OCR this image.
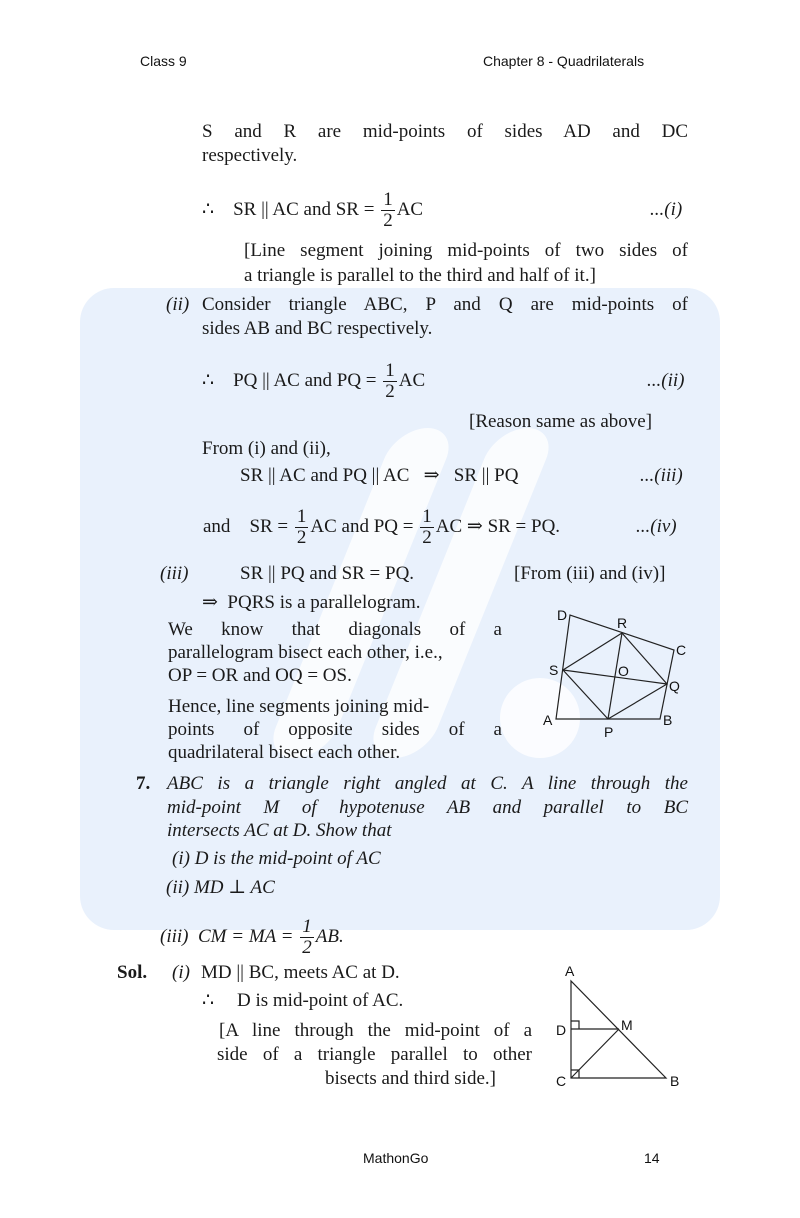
Class 9	Chapter 8 - Quadrilaterals
S and R are mid-points of sides AD and DC
respectively.
∴ SR || AC and SR = $\frac{1}{2}$ AC	...(i)
[Line segment joining mid-points of two sides of
a triangle is parallel to the third and half of it.]
(ii) Consider triangle ABC, P and Q are mid-points of
sides AB and BC respectively.
∴ PQ || AC and PQ = $\frac{1}{2}$ AC	...(ii)
[Reason same as above]
From (i) and (ii),
SR || AC and PQ || AC   ⇒   SR || PQ	...(iii)
and SR = $\frac{1}{2}$ AC and PQ = $\frac{1}{2}$ AC ⇒ SR = PQ.	...(iv)
(iii)	SR || PQ and SR = PQ.	[From (iii) and (iv)]
⇒  PQRS is a parallelogram.
We know that diagonals of a
parallelogram bisect each other, i.e.,
OP = OR and OQ = OS.
Hence, line segments joining mid-
points of opposite sides of a
quadrilateral bisect each other.
D	R
C
S	O
Q
A
P
B
7. ABC is a triangle right angled at C. A line through the
mid-point M of hypotenuse AB and parallel to BC
intersects AC at D. Show that
(i) D is the mid-point of AC
(ii) MD ⊥ AC
(iii) CM = MA = $\frac{1}{2}$ AB.
Sol. (i) MD || BC, meets AC at D.
∴ D is mid-point of AC.
[A line through the mid-point of a
side of a triangle parallel to other
bisects and third side.]
A
D	M
C	B
MathonGo	14
